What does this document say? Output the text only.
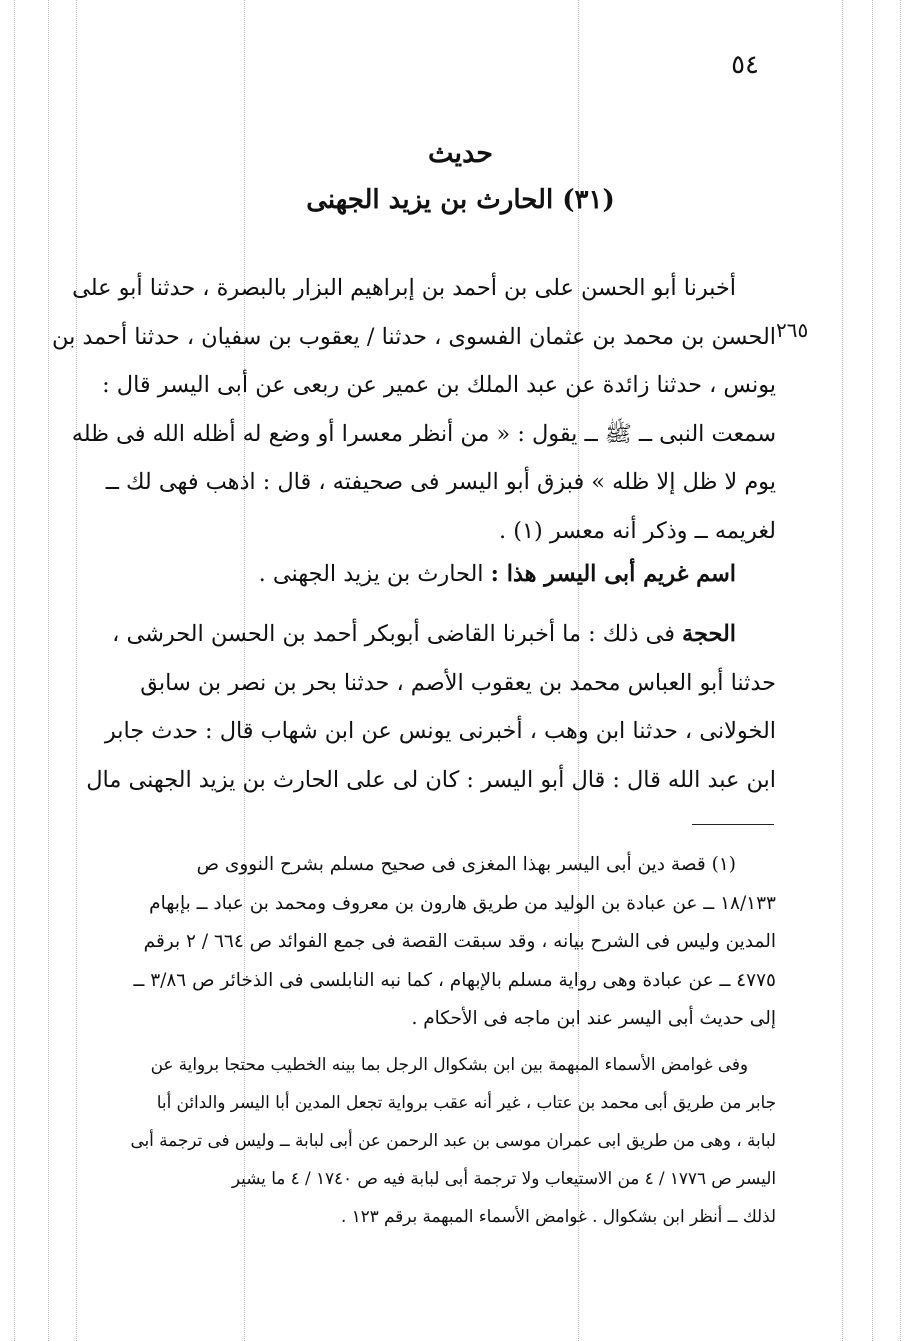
٥٤
حديث
(٣١) الحارث بن يزيد الجهنى
٢٦٥
أخبرنا أبو الحسن على بن أحمد بن إبراهيم البزار بالبصرة ، حدثنا أبو على
الحسن بن محمد بن عثمان الفسوى ، حدثنا / يعقوب بن سفيان ، حدثنا أحمد بن
يونس ، حدثنا زائدة عن عبد الملك بن عمير عن ربعى عن أبى اليسر قال :
سمعت النبى ــ ﷺ ــ يقول : « من أنظر معسرا أو وضع له أظله الله فى ظله
يوم لا ظل إلا ظله » فبزق أبو اليسر فى صحيفته ، قال : اذهب فهى لك ــ
لغريمه ــ وذكر أنه معسر (١) .
اسم غريم أبى اليسر هذا : الحارث بن يزيد الجهنى .
الحجة فى ذلك : ما أخبرنا القاضى أبوبكر أحمد بن الحسن الحرشى ،
حدثنا أبو العباس محمد بن يعقوب الأصم ، حدثنا بحر بن نصر بن سابق
الخولانى ، حدثنا ابن وهب ، أخبرنى يونس عن ابن شهاب قال : حدث جابر
ابن عبد الله قال : قال أبو اليسر : كان لى على الحارث بن يزيد الجهنى مال
(١) قصة دين أبى اليسر بهذا المغزى فى صحيح مسلم بشرح النووى ص
١٨/١٣٣ ــ عن عبادة بن الوليد من طريق هارون بن معروف ومحمد بن عباد ــ بإبهام
المدين وليس فى الشرح بيانه ، وقد سبقت القصة فى جمع الفوائد ص ٦٦٤ / ٢ برقم
٤٧٧٥ ــ عن عبادة وهى رواية مسلم بالإبهام ، كما نبه النابلسى فى الذخائر ص ٣/٨٦ ــ
إلى حديث أبى اليسر عند ابن ماجه فى الأحكام .
وفى غوامض الأسماء المبهمة بين ابن بشكوال الرجل بما بينه الخطيب محتجا برواية عن
جابر من طريق أبى محمد بن عتاب ، غير أنه عقب برواية تجعل المدين أبا اليسر والدائن أبا
لبابة ، وهى من طريق ابى عمران موسى بن عبد الرحمن عن أبى لبابة ــ وليس فى ترجمة أبى
اليسر ص ١٧٧٦ / ٤ من الاستيعاب ولا ترجمة أبى لبابة فيه ص ١٧٤٠ / ٤ ما يشير
لذلك ــ أنظر ابن بشكوال . غوامض الأسماء المبهمة برقم ١٢٣ .
